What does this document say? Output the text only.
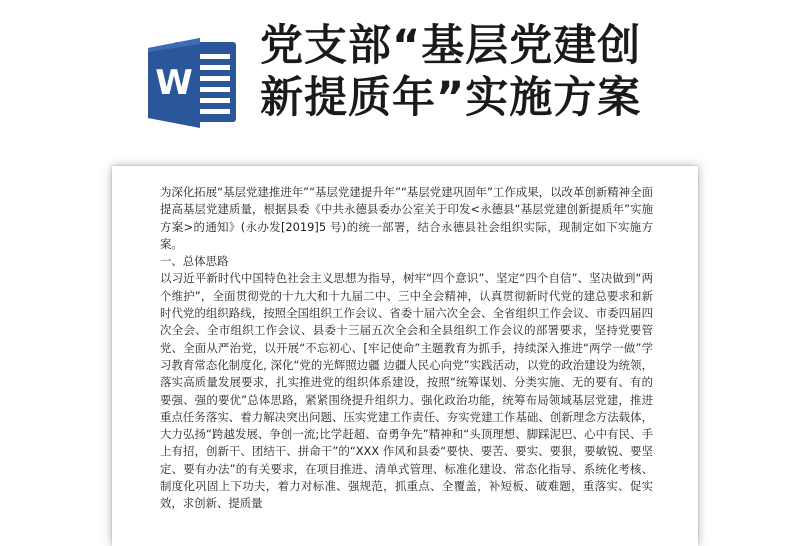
W
党支部“基层党建创
新提质年”实施方案

为深化拓展“基层党建推进年”“基层党建提升年”“基层党建巩固年”工作成果，以改革创新精神全面提高基层党建质量，根据县委《中共永德县委办公室关于印发<永德县“基层党建创新提质年”实施方案>的通知》(永办发[2019]5 号)的统一部署，结合永德县社会组织实际，现制定如下实施方案。

一、总体思路

以习近平新时代中国特色社会主义思想为指导，树牢“四个意识”、坚定“四个自信”、坚决做到“两个维护”，全面贯彻党的十九大和十九届二中、三中全会精神，认真贯彻新时代党的建总要求和新时代党的组织路线，按照全国组织工作会议、省委十届六次全会、全省组织工作会议、市委四届四次全会、全市组织工作会议、县委十三届五次全会和全县组织工作会议的部署要求，坚持党要管党、全面从严治党，以开展“不忘初心、[牢记使命”主题教育为抓手，持续深入推进“两学一做”学习教育常态化制度化, 深化“党的光辉照边疆 边疆人民心向党”实践活动，以党的政治建设为统领，落实高质量发展要求，扎实推进党的组织体系建设，按照“统筹谋划、分类实施、无的要有、有的要强、强的要优”总体思路，紧紧围绕提升组织力、强化政治功能，统筹布局领域基层党建，推进重点任务落实、着力解决突出问题、压实党建工作责任、夯实党建工作基础、创新理念方法载体，大力弘扬“跨越发展、争创一流;比学赶超、奋勇争先”精神和“头顶理想、脚踩泥巴、心中有民、手上有招，创新干、团结干、拼命干”的“XXX 作风和县委“要快、要苦、要实、要狠，要敏锐、要坚定、要有办法”的有关要求，在项目推进、清单式管理、标准化建设、常态化指导、系统化考核、制度化巩固上下功夫，着力对标准、强规范，抓重点、全覆盖，补短板、破难题，重落实、促实效，求创新、提质量
